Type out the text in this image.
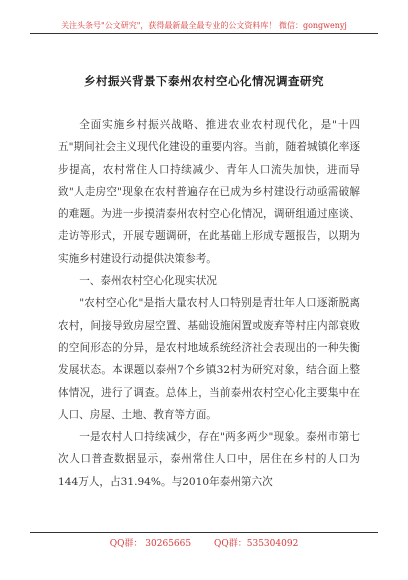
关注头条号"公文研究"，获得最新最全最专业的公文资料库！ 微信：gongwenyj
乡村振兴背景下泰州农村空心化情况调查研究

全面实施乡村振兴战略、推进农业农村现代化，是"十四五"期间社会主义现代化建设的重要内容。当前，随着城镇化率逐步提高，农村常住人口持续减少、青年人口流失加快，进而导致"人走房空"现象在农村普遍存在已成为乡村建设行动亟需破解的难题。为进一步摸清泰州农村空心化情况，调研组通过座谈、走访等形式，开展专题调研，在此基础上形成专题报告，以期为实施乡村建设行动提供决策参考。

一、泰州农村空心化现实状况

"农村空心化"是指大量农村人口特别是青壮年人口逐渐脱离农村，间接导致房屋空置、基础设施闲置或废弃等村庄内部衰败的空间形态的分异，是农村地域系统经济社会表现出的一种失衡发展状态。本课题以泰州7个乡镇32村为研究对象，结合面上整体情况，进行了调查。总体上，当前泰州农村空心化主要集中在人口、房屋、土地、教育等方面。

一是农村人口持续减少，存在"两多两少"现象。泰州市第七次人口普查数据显示，泰州常住人口中，居住在乡村的人口为144万人，占31.94%。与2010年泰州第六次

QQ群： 30265665	QQ群：535304092
